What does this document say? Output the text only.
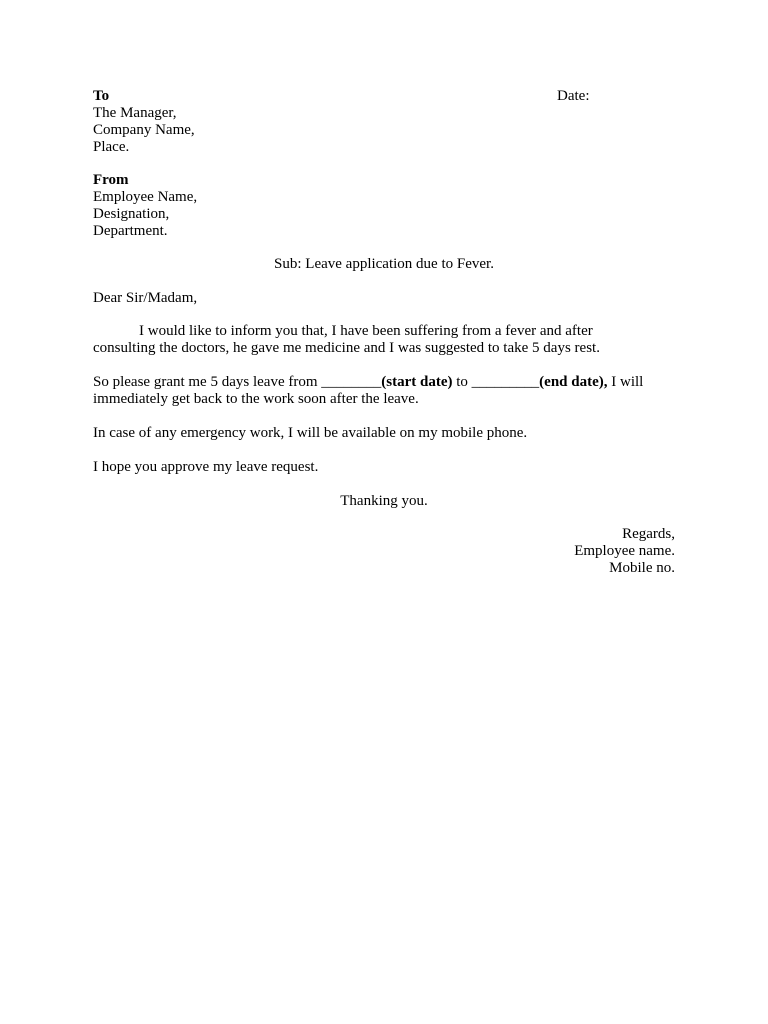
To
The Manager,
Company Name,
Place.
Date:
From
Employee Name,
Designation,
Department.
Sub: Leave application due to Fever.
Dear Sir/Madam,
I would like to inform you that, I have been suffering from a fever and after
consulting the doctors, he gave me medicine and I was suggested to take 5 days rest.
So please grant me 5 days leave from ________(start date) to _________(end date), I will
immediately get back to the work soon after the leave.
In case of any emergency work, I will be available on my mobile phone.
I hope you approve my leave request.
Thanking you.
Regards,
Employee name.
Mobile no.
